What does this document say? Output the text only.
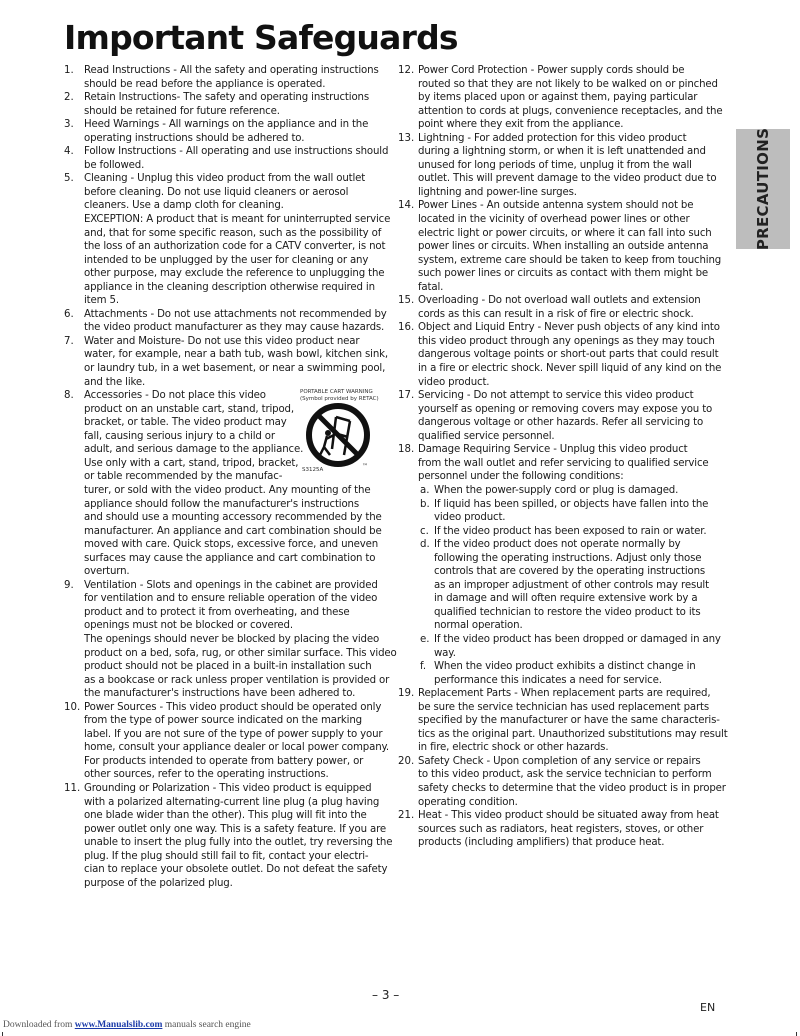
Important Safeguards
1. Read Instructions - All the safety and operating instructions
should be read before the appliance is operated.
2. Retain Instructions- The safety and operating instructions
should be retained for future reference.
3. Heed Warnings - All warnings on the appliance and in the
operating instructions should be adhered to.
4. Follow Instructions - All operating and use instructions should
be followed.
5. Cleaning - Unplug this video product from the wall outlet
before cleaning. Do not use liquid cleaners or aerosol
cleaners. Use a damp cloth for cleaning.
EXCEPTION: A product that is meant for uninterrupted service
and, that for some specific reason, such as the possibility of
the loss of an authorization code for a CATV converter, is not
intended to be unplugged by the user for cleaning or any
other purpose, may exclude the reference to unplugging the
appliance in the cleaning description otherwise required in
item 5.
6. Attachments - Do not use attachments not recommended by
the video product manufacturer as they may cause hazards.
7. Water and Moisture- Do not use this video product near
water, for example, near a bath tub, wash bowl, kitchen sink,
or laundry tub, in a wet basement, or near a swimming pool,
and the like.
8. Accessories - Do not place this video
product on an unstable cart, stand, tripod,
bracket, or table. The video product may
fall, causing serious injury to a child or
adult, and serious damage to the appliance.
Use only with a cart, stand, tripod, bracket,
or table recommended by the manufac-
turer, or sold with the video product. Any mounting of the
appliance should follow the manufacturer's instructions
and should use a mounting accessory recommended by the
manufacturer. An appliance and cart combination should be
moved with care. Quick stops, excessive force, and uneven
surfaces may cause the appliance and cart combination to
overturn.
9. Ventilation - Slots and openings in the cabinet are provided
for ventilation and to ensure reliable operation of the video
product and to protect it from overheating, and these
openings must not be blocked or covered.
The openings should never be blocked by placing the video
product on a bed, sofa, rug, or other similar surface. This video
product should not be placed in a built-in installation such
as a bookcase or rack unless proper ventilation is provided or
the manufacturer's instructions have been adhered to.
10. Power Sources - This video product should be operated only
from the type of power source indicated on the marking
label. If you are not sure of the type of power supply to your
home, consult your appliance dealer or local power company.
For products intended to operate from battery power, or
other sources, refer to the operating instructions.
11. Grounding or Polarization - This video product is equipped
with a polarized alternating-current line plug (a plug having
one blade wider than the other). This plug will fit into the
power outlet only one way. This is a safety feature. If you are
unable to insert the plug fully into the outlet, try reversing the
plug. If the plug should still fail to fit, contact your electri-
cian to replace your obsolete outlet. Do not defeat the safety
purpose of the polarized plug.
12. Power Cord Protection - Power supply cords should be
routed so that they are not likely to be walked on or pinched
by items placed upon or against them, paying particular
attention to cords at plugs, convenience receptacles, and the
point where they exit from the appliance.
13. Lightning - For added protection for this video product
during a lightning storm, or when it is left unattended and
unused for long periods of time, unplug it from the wall
outlet. This will prevent damage to the video product due to
lightning and power-line surges.
14. Power Lines - An outside antenna system should not be
located in the vicinity of overhead power lines or other
electric light or power circuits, or where it can fall into such
power lines or circuits. When installing an outside antenna
system, extreme care should be taken to keep from touching
such power lines or circuits as contact with them might be
fatal.
15. Overloading - Do not overload wall outlets and extension
cords as this can result in a risk of fire or electric shock.
16. Object and Liquid Entry - Never push objects of any kind into
this video product through any openings as they may touch
dangerous voltage points or short-out parts that could result
in a fire or electric shock. Never spill liquid of any kind on the
video product.
17. Servicing - Do not attempt to service this video product
yourself as opening or removing covers may expose you to
dangerous voltage or other hazards. Refer all servicing to
qualified service personnel.
18. Damage Requiring Service - Unplug this video product
from the wall outlet and refer servicing to qualified service
personnel under the following conditions:
a. When the power-supply cord or plug is damaged.
b. If liquid has been spilled, or objects have fallen into the
video product.
c. If the video product has been exposed to rain or water.
d. If the video product does not operate normally by
following the operating instructions. Adjust only those
controls that are covered by the operating instructions
as an improper adjustment of other controls may result
in damage and will often require extensive work by a
qualified technician to restore the video product to its
normal operation.
e. If the video product has been dropped or damaged in any
way.
f. When the video product exhibits a distinct change in
performance this indicates a need for service.
19. Replacement Parts - When replacement parts are required,
be sure the service technician has used replacement parts
specified by the manufacturer or have the same characteris-
tics as the original part. Unauthorized substitutions may result
in fire, electric shock or other hazards.
20. Safety Check - Upon completion of any service or repairs
to this video product, ask the service technician to perform
safety checks to determine that the video product is in proper
operating condition.
21. Heat - This video product should be situated away from heat
sources such as radiators, heat registers, stoves, or other
products (including amplifiers) that produce heat.
PORTABLE CART WARNING
(Symbol provided by RETAC)
S3125A	™
PRECAUTIONS
– 3 –
EN
Downloaded from www.Manualslib.com manuals search engine
